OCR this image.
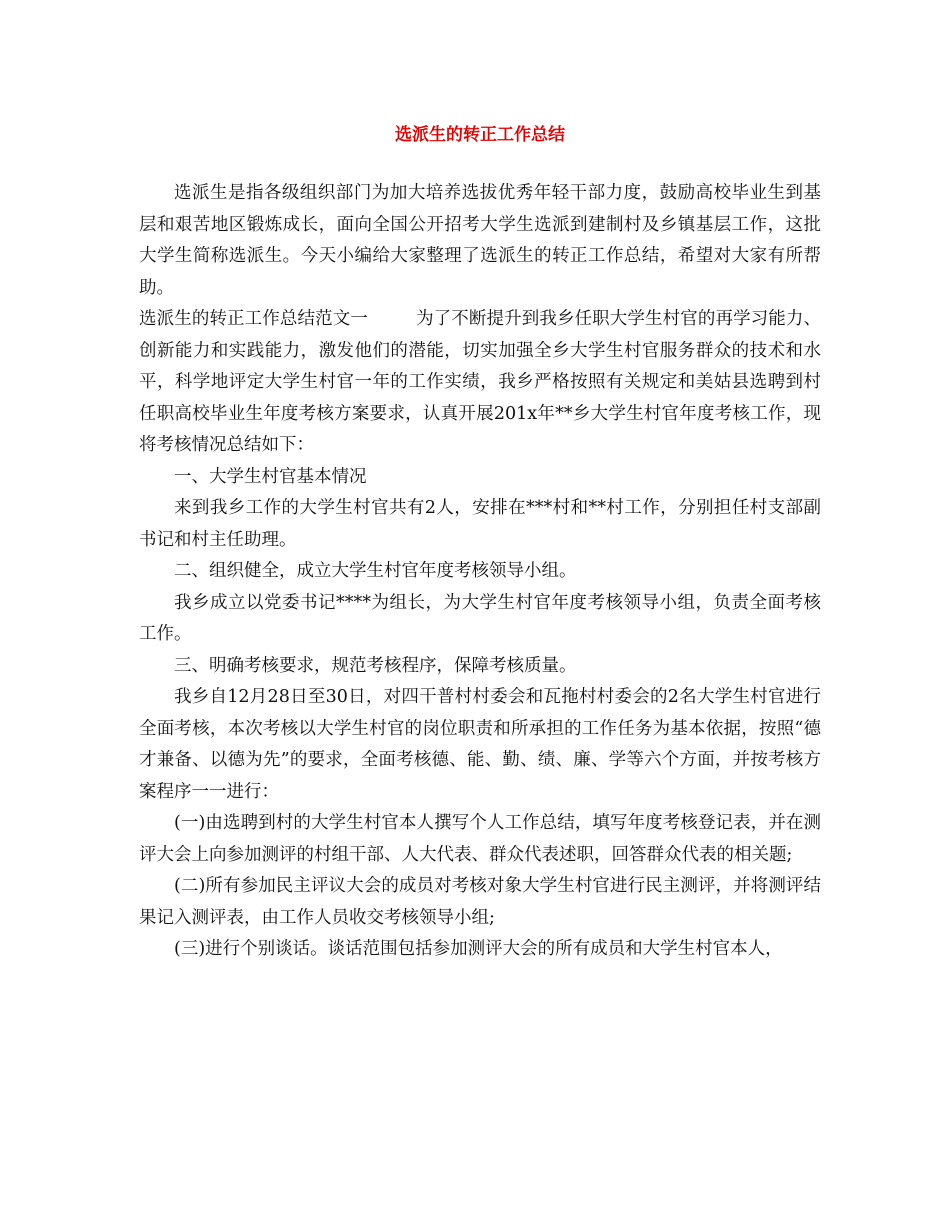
选派生的转正工作总结

选派生是指各级组织部门为加大培养选拔优秀年轻干部力度，鼓励高校毕业生到基层和艰苦地区锻炼成长，面向全国公开招考大学生选派到建制村及乡镇基层工作，这批大学生简称选派生。今天小编给大家整理了选派生的转正工作总结，希望对大家有所帮助。

选派生的转正工作总结范文一	为了不断提升到我乡任职大学生村官的再学习能力、创新能力和实践能力，激发他们的潜能，切实加强全乡大学生村官服务群众的技术和水平，科学地评定大学生村官一年的工作实绩，我乡严格按照有关规定和美姑县选聘到村任职高校毕业生年度考核方案要求，认真开展201x年**乡大学生村官年度考核工作，现将考核情况总结如下：

一、大学生村官基本情况

来到我乡工作的大学生村官共有2人，安排在***村和**村工作，分别担任村支部副书记和村主任助理。

二、组织健全，成立大学生村官年度考核领导小组。

我乡成立以党委书记****为组长，为大学生村官年度考核领导小组，负责全面考核工作。

三、明确考核要求，规范考核程序，保障考核质量。

我乡自12月28日至30日，对四干普村村委会和瓦拖村村委会的2名大学生村官进行全面考核，本次考核以大学生村官的岗位职责和所承担的工作任务为基本依据，按照“德才兼备、以德为先”的要求，全面考核德、能、勤、绩、廉、学等六个方面，并按考核方案程序一一进行：

(一)由选聘到村的大学生村官本人撰写个人工作总结，填写年度考核登记表，并在测评大会上向参加测评的村组干部、人大代表、群众代表述职，回答群众代表的相关题;

(二)所有参加民主评议大会的成员对考核对象大学生村官进行民主测评，并将测评结果记入测评表，由工作人员收交考核领导小组;

(三)进行个别谈话。谈话范围包括参加测评大会的所有成员和大学生村官本人，
